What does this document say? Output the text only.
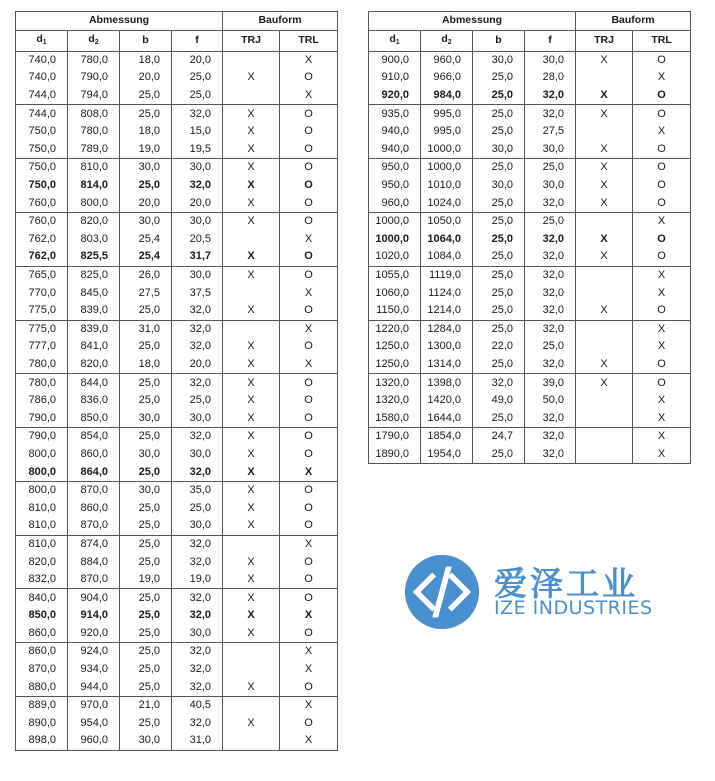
Abmessung				Bauform	
$d_1$	$d_2$	b	f	TRJ	TRL
740,0	780,0	18,0	20,0		X
740,0	790,0	20,0	25,0	X	O
744,0	794,0	25,0	25,0		X
744,0	808,0	25,0	32,0	X	O
750,0	780,0	18,0	15,0	X	O
750,0	789,0	19,0	19,5	X	O
750,0	810,0	30,0	30,0	X	O
750,0	814,0	25,0	32,0	X	O
760,0	800,0	20,0	20,0	X	O
760,0	820,0	30,0	30,0	X	O
762,0	803,0	25,4	20,5		X
762,0	825,5	25,4	31,7	X	O
765,0	825,0	26,0	30,0	X	O
770,0	845,0	27,5	37,5		X
775,0	839,0	25,0	32,0	X	O
775,0	839,0	31,0	32,0		X
777,0	841,0	25,0	32,0	X	O
780,0	820,0	18,0	20,0	X	X
780,0	844,0	25,0	32,0	X	O
786,0	836,0	25,0	25,0	X	O
790,0	850,0	30,0	30,0	X	O
790,0	854,0	25,0	32,0	X	O
800,0	860,0	30,0	30,0	X	O
800,0	864,0	25,0	32,0	X	X
800,0	870,0	30,0	35,0	X	O
810,0	860,0	25,0	25,0	X	O
810,0	870,0	25,0	30,0	X	O
810,0	874,0	25,0	32,0		X
820,0	884,0	25,0	32,0	X	O
832,0	870,0	19,0	19,0	X	O
840,0	904,0	25,0	32,0	X	O
850,0	914,0	25,0	32,0	X	X
860,0	920,0	25,0	30,0	X	O
860,0	924,0	25,0	32,0		X
870,0	934,0	25,0	32,0		X
880,0	944,0	25,0	32,0	X	O
889,0	970,0	21,0	40,5		X
890,0	954,0	25,0	32,0	X	O
898,0	960,0	30,0	31,0		X
Abmessung				Bauform	
$d_1$	$d_2$	b	f	TRJ	TRL
900,0	960,0	30,0	30,0	X	O
910,0	966,0	25,0	28,0		X
920,0	984,0	25,0	32,0	X	O
935,0	995,0	25,0	32,0	X	O
940,0	995,0	25,0	27,5		X
940,0	1000,0	30,0	30,0	X	O
950,0	1000,0	25,0	25,0	X	O
950,0	1010,0	30,0	30,0	X	O
960,0	1024,0	25,0	32,0	X	O
1000,0	1050,0	25,0	25,0		X
1000,0	1064,0	25,0	32,0	X	O
1020,0	1084,0	25,0	32,0	X	O
1055,0	1119,0	25,0	32,0		X
1060,0	1124,0	25,0	32,0		X
1150,0	1214,0	25,0	32,0	X	O
1220,0	1284,0	25,0	32,0		X
1250,0	1300,0	22,0	25,0		X
1250,0	1314,0	25,0	32,0	X	O
1320,0	1398,0	32,0	39,0	X	O
1320,0	1420,0	49,0	50,0		X
1580,0	1644,0	25,0	32,0		X
1790,0	1854,0	24,7	32,0		X
1890,0	1954,0	25,0	32,0		X
爱泽工业
IZE INDUSTRIES
